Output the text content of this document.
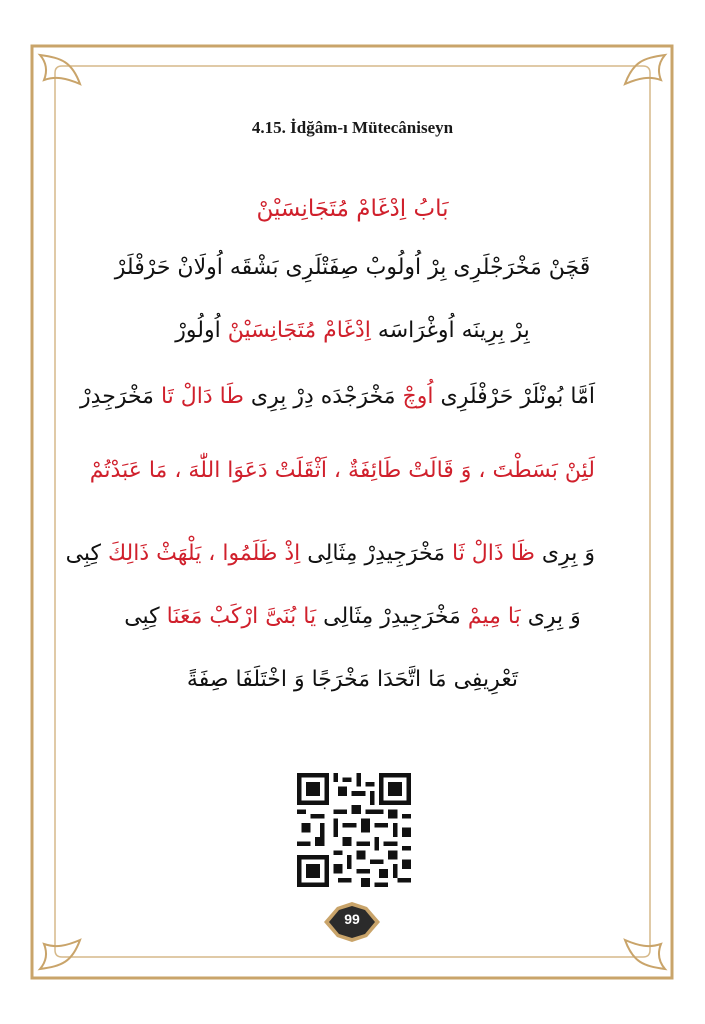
4.15. İdğâm-ı Mütecâniseyn
بَابُ اِدْغَامْ مُتَجَانِسَيْنْ
قَچَنْ مَخْرَجْلَرِى بِرْ اُولُوبْ صِفَتْلَرِى بَشْقَه اُولَانْ حَرْفْلَرْ
بِرْ بِرِينَه اُوغْرَاسَه اِدْغَامْ مُتَجَانِسَيْنْ اُولُورْ
اَمَّا بُونْلَرْ حَرْفْلَرِى اُوچْ مَخْرَجْدَه دِرْ بِرِى طَا دَالْ تَا مَخْرَجِدِرْ
لَئِنْ بَسَطْتَ ، وَ قَالَتْ طَائِفَةٌ ، اَثْقَلَتْ دَعَوَا اللّٰهَ ، مَا عَبَدْتُمْ
وَ بِرِى ظَا ذَالْ ثَا مَخْرَجِيدِرْ مِثَالِى اِذْ ظَلَمُوا ، يَلْهَثْ ذَالِكَ كِبِى
وَ بِرِى بَا مِيمْ مَخْرَجِيدِرْ مِثَالِى يَا بُنَىَّ ارْكَبْ مَعَنَا كِبِى
تَعْرِيفِى مَا اتَّحَدَا مَخْرَجًا وَ اخْتَلَفَا صِفَةً
99
